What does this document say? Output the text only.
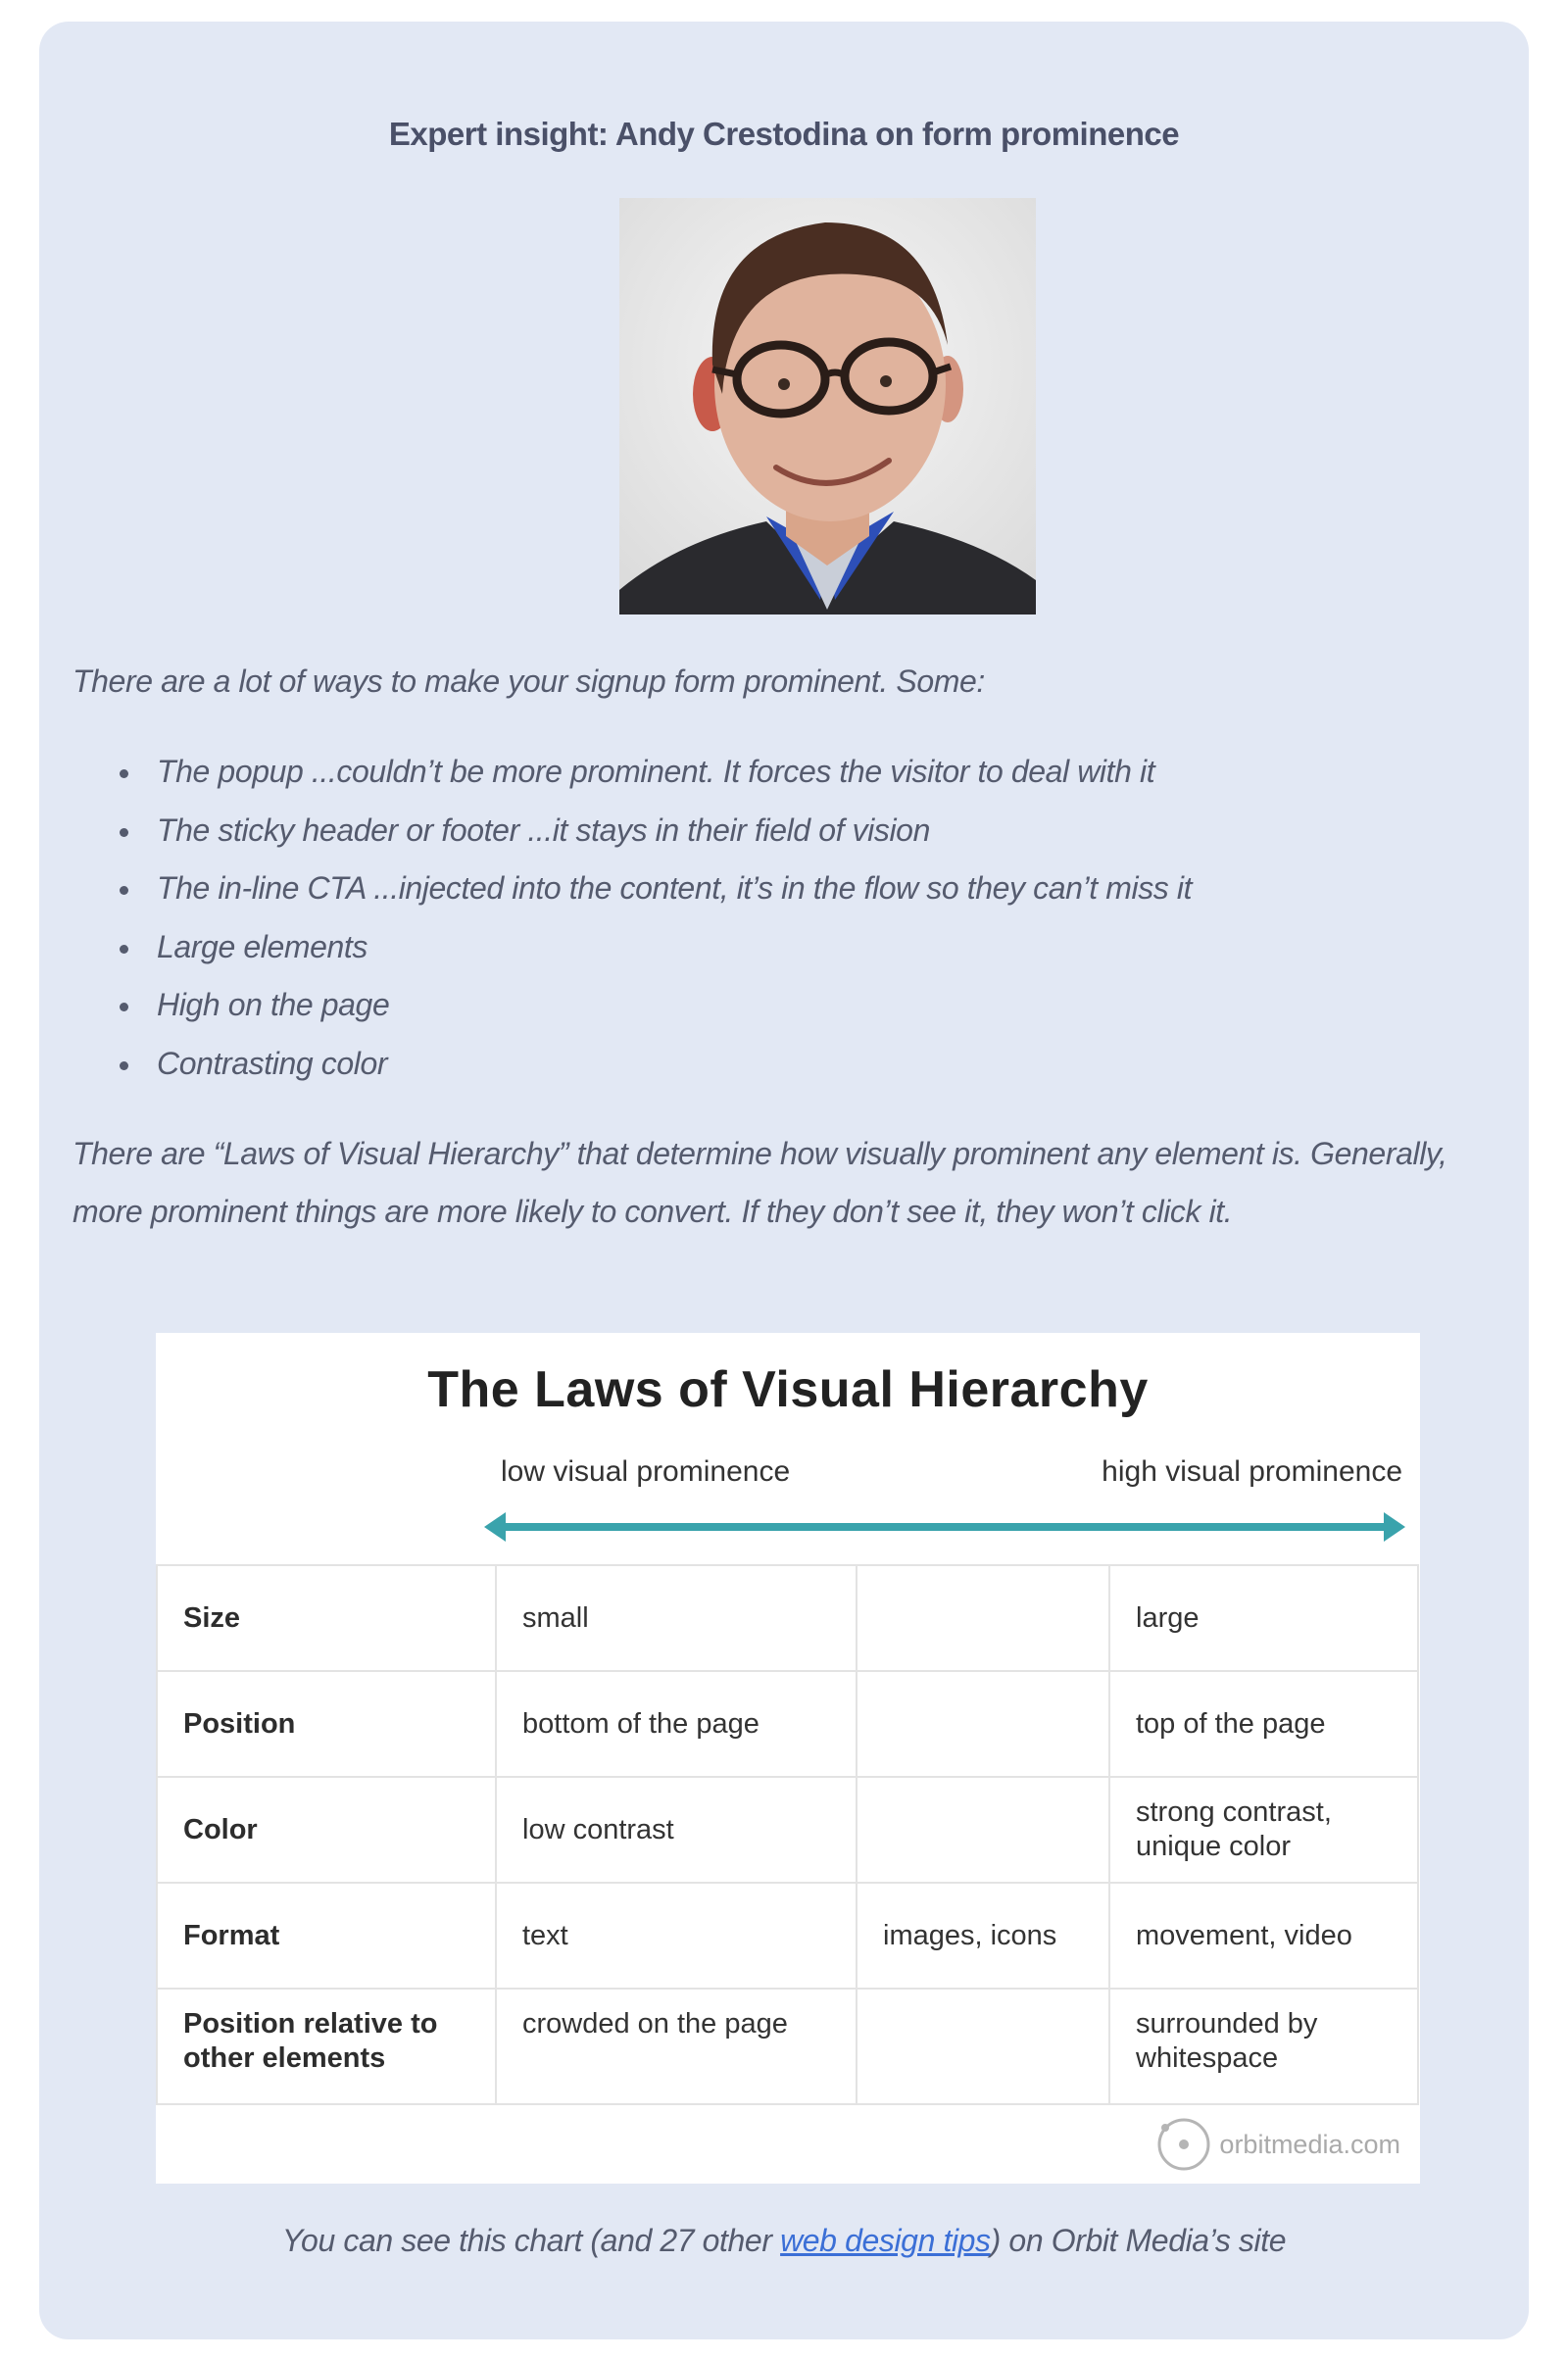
Expert insight: Andy Crestodina on form prominence

There are a lot of ways to make your signup form prominent. Some:

The popup ...couldn’t be more prominent. It forces the visitor to deal with it
The sticky header or footer ...it stays in their field of vision
The in-line CTA ...injected into the content, it’s in the flow so they can’t miss it
Large elements
High on the page
Contrasting color

There are “Laws of Visual Hierarchy” that determine how visually prominent any element is. Generally, more prominent things are more likely to convert. If they don’t see it, they won’t click it.

The Laws of Visual Hierarchy
low visual prominence	high visual prominence
Size	small		large
Position	bottom of the page		top of the page
Color	low contrast		strong contrast, unique color
Format	text	images, icons	movement, video
Position relative to other elements	crowded on the page		surrounded by whitespace
orbitmedia.com
You can see this chart (and 27 other web design tips) on Orbit Media’s site
